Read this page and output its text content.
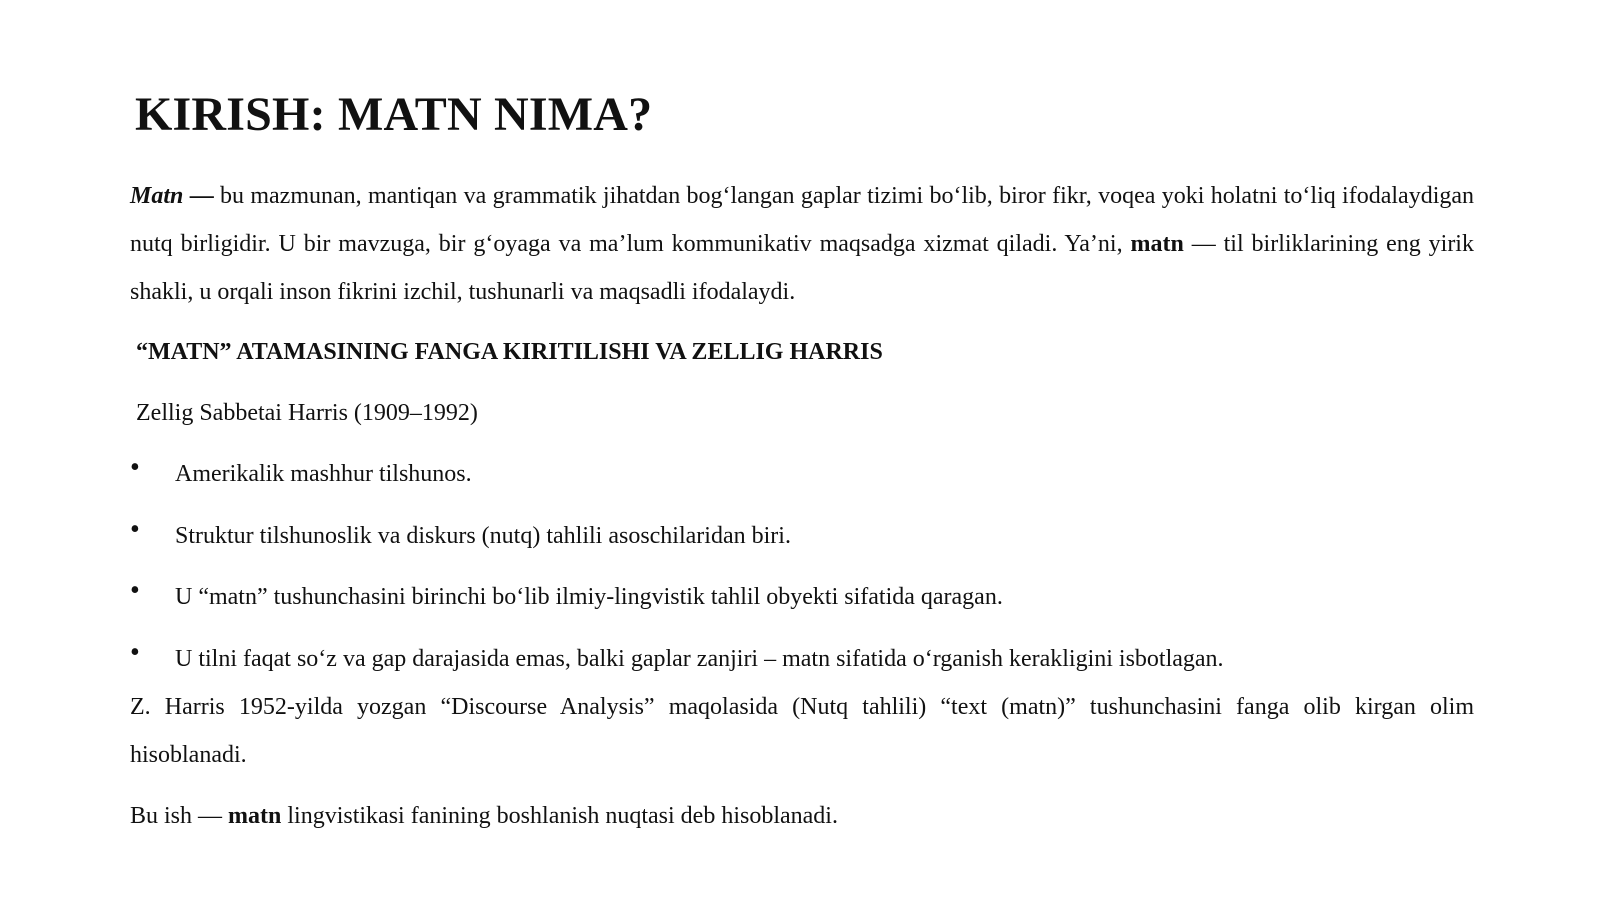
KIRISH: MATN NIMA?

Matn — bu mazmunan, mantiqan va grammatik jihatdan bog‘langan gaplar tizimi bo‘lib, biror fikr, voqea yoki holatni to‘liq ifodalaydigan nutq birligidir. U bir mavzuga, bir g‘oyaga va ma’lum kommunikativ maqsadga xizmat qiladi. Ya’ni, matn — til birliklarining eng yirik shakli, u orqali inson fikrini izchil, tushunarli va maqsadli ifodalaydi.

“MATN” ATAMASINING FANGA KIRITILISHI VA ZELLIG HARRIS

Zellig Sabbetai Harris (1909–1992)

• Amerikalik mashhur tilshunos.
• Struktur tilshunoslik va diskurs (nutq) tahlili asoschilaridan biri.
• U “matn” tushunchasini birinchi bo‘lib ilmiy-lingvistik tahlil obyekti sifatida qaragan.
• U tilni faqat so‘z va gap darajasida emas, balki gaplar zanjiri – matn sifatida o‘rganish kerakligini isbotlagan.

Z. Harris 1952-yilda yozgan “Discourse Analysis” maqolasida (Nutq tahlili) “text (matn)” tushunchasini fanga olib kirgan olim hisoblanadi.

Bu ish — matn lingvistikasi fanining boshlanish nuqtasi deb hisoblanadi.
